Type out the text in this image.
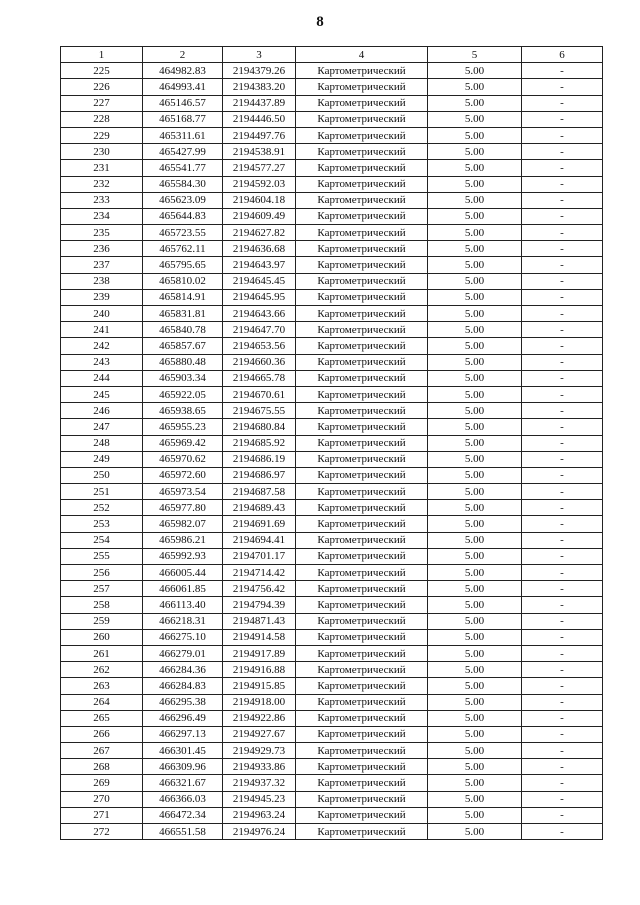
8
1	2	3	4	5	6
225	464982.83	2194379.26	Картометрический	5.00	-
226	464993.41	2194383.20	Картометрический	5.00	-
227	465146.57	2194437.89	Картометрический	5.00	-
228	465168.77	2194446.50	Картометрический	5.00	-
229	465311.61	2194497.76	Картометрический	5.00	-
230	465427.99	2194538.91	Картометрический	5.00	-
231	465541.77	2194577.27	Картометрический	5.00	-
232	465584.30	2194592.03	Картометрический	5.00	-
233	465623.09	2194604.18	Картометрический	5.00	-
234	465644.83	2194609.49	Картометрический	5.00	-
235	465723.55	2194627.82	Картометрический	5.00	-
236	465762.11	2194636.68	Картометрический	5.00	-
237	465795.65	2194643.97	Картометрический	5.00	-
238	465810.02	2194645.45	Картометрический	5.00	-
239	465814.91	2194645.95	Картометрический	5.00	-
240	465831.81	2194643.66	Картометрический	5.00	-
241	465840.78	2194647.70	Картометрический	5.00	-
242	465857.67	2194653.56	Картометрический	5.00	-
243	465880.48	2194660.36	Картометрический	5.00	-
244	465903.34	2194665.78	Картометрический	5.00	-
245	465922.05	2194670.61	Картометрический	5.00	-
246	465938.65	2194675.55	Картометрический	5.00	-
247	465955.23	2194680.84	Картометрический	5.00	-
248	465969.42	2194685.92	Картометрический	5.00	-
249	465970.62	2194686.19	Картометрический	5.00	-
250	465972.60	2194686.97	Картометрический	5.00	-
251	465973.54	2194687.58	Картометрический	5.00	-
252	465977.80	2194689.43	Картометрический	5.00	-
253	465982.07	2194691.69	Картометрический	5.00	-
254	465986.21	2194694.41	Картометрический	5.00	-
255	465992.93	2194701.17	Картометрический	5.00	-
256	466005.44	2194714.42	Картометрический	5.00	-
257	466061.85	2194756.42	Картометрический	5.00	-
258	466113.40	2194794.39	Картометрический	5.00	-
259	466218.31	2194871.43	Картометрический	5.00	-
260	466275.10	2194914.58	Картометрический	5.00	-
261	466279.01	2194917.89	Картометрический	5.00	-
262	466284.36	2194916.88	Картометрический	5.00	-
263	466284.83	2194915.85	Картометрический	5.00	-
264	466295.38	2194918.00	Картометрический	5.00	-
265	466296.49	2194922.86	Картометрический	5.00	-
266	466297.13	2194927.67	Картометрический	5.00	-
267	466301.45	2194929.73	Картометрический	5.00	-
268	466309.96	2194933.86	Картометрический	5.00	-
269	466321.67	2194937.32	Картометрический	5.00	-
270	466366.03	2194945.23	Картометрический	5.00	-
271	466472.34	2194963.24	Картометрический	5.00	-
272	466551.58	2194976.24	Картометрический	5.00	-
